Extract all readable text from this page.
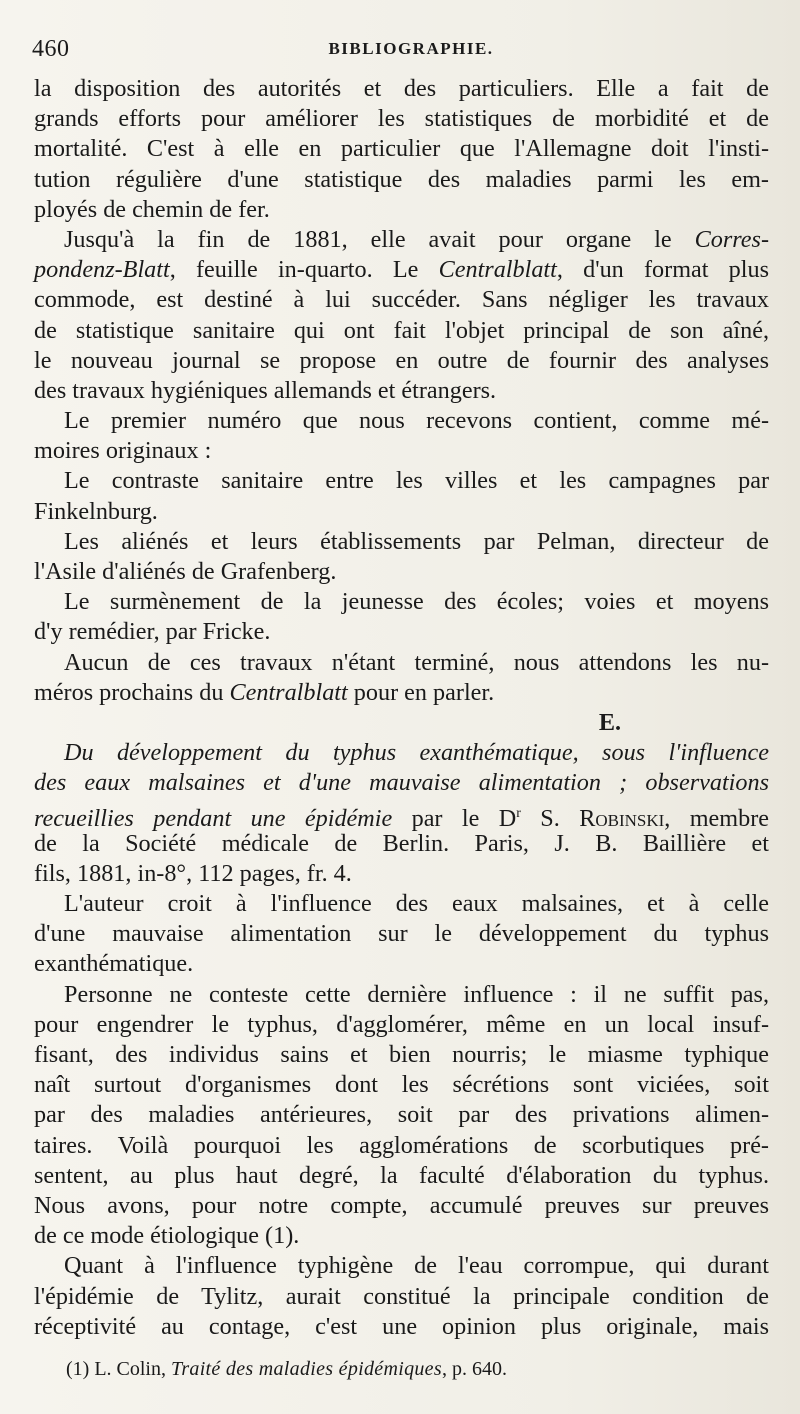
460	BIBLIOGRAPHIE.
la disposition des autorités et des particuliers. Elle a fait de
grands efforts pour améliorer les statistiques de morbidité et de
mortalité. C'est à elle en particulier que l'Allemagne doit l'insti-
tution régulière d'une statistique des maladies parmi les em-
ployés de chemin de fer.
Jusqu'à la fin de 1881, elle avait pour organe le Corres-
pondenz-Blatt, feuille in-quarto. Le Centralblatt, d'un format plus
commode, est destiné à lui succéder. Sans négliger les travaux
de statistique sanitaire qui ont fait l'objet principal de son aîné,
le nouveau journal se propose en outre de fournir des analyses
des travaux hygiéniques allemands et étrangers.
Le premier numéro que nous recevons contient, comme mé-
moires originaux :
Le contraste sanitaire entre les villes et les campagnes par
Finkelnburg.
Les aliénés et leurs établissements par Pelman, directeur de
l'Asile d'aliénés de Grafenberg.
Le surmènement de la jeunesse des écoles; voies et moyens
d'y remédier, par Fricke.
Aucun de ces travaux n'étant terminé, nous attendons les nu-
méros prochains du Centralblatt pour en parler.
E.
Du développement du typhus exanthématique, sous l'influence
des eaux malsaines et d'une mauvaise alimentation ; observations
recueillies pendant une épidémie par le $D^r$ S. Robinski, membre
de la Société médicale de Berlin. Paris, J. B. Baillière et
fils, 1881, in-8°, 112 pages, fr. 4.
L'auteur croit à l'influence des eaux malsaines, et à celle
d'une mauvaise alimentation sur le développement du typhus
exanthématique.
Personne ne conteste cette dernière influence : il ne suffit pas,
pour engendrer le typhus, d'agglomérer, même en un local insuf-
fisant, des individus sains et bien nourris; le miasme typhique
naît surtout d'organismes dont les sécrétions sont viciées, soit
par des maladies antérieures, soit par des privations alimen-
taires. Voilà pourquoi les agglomérations de scorbutiques pré-
sentent, au plus haut degré, la faculté d'élaboration du typhus.
Nous avons, pour notre compte, accumulé preuves sur preuves
de ce mode étiologique (1).
Quant à l'influence typhigène de l'eau corrompue, qui durant
l'épidémie de Tylitz, aurait constitué la principale condition de
réceptivité au contage, c'est une opinion plus originale, mais
(1) L. Colin, Traité des maladies épidémiques, p. 640.
